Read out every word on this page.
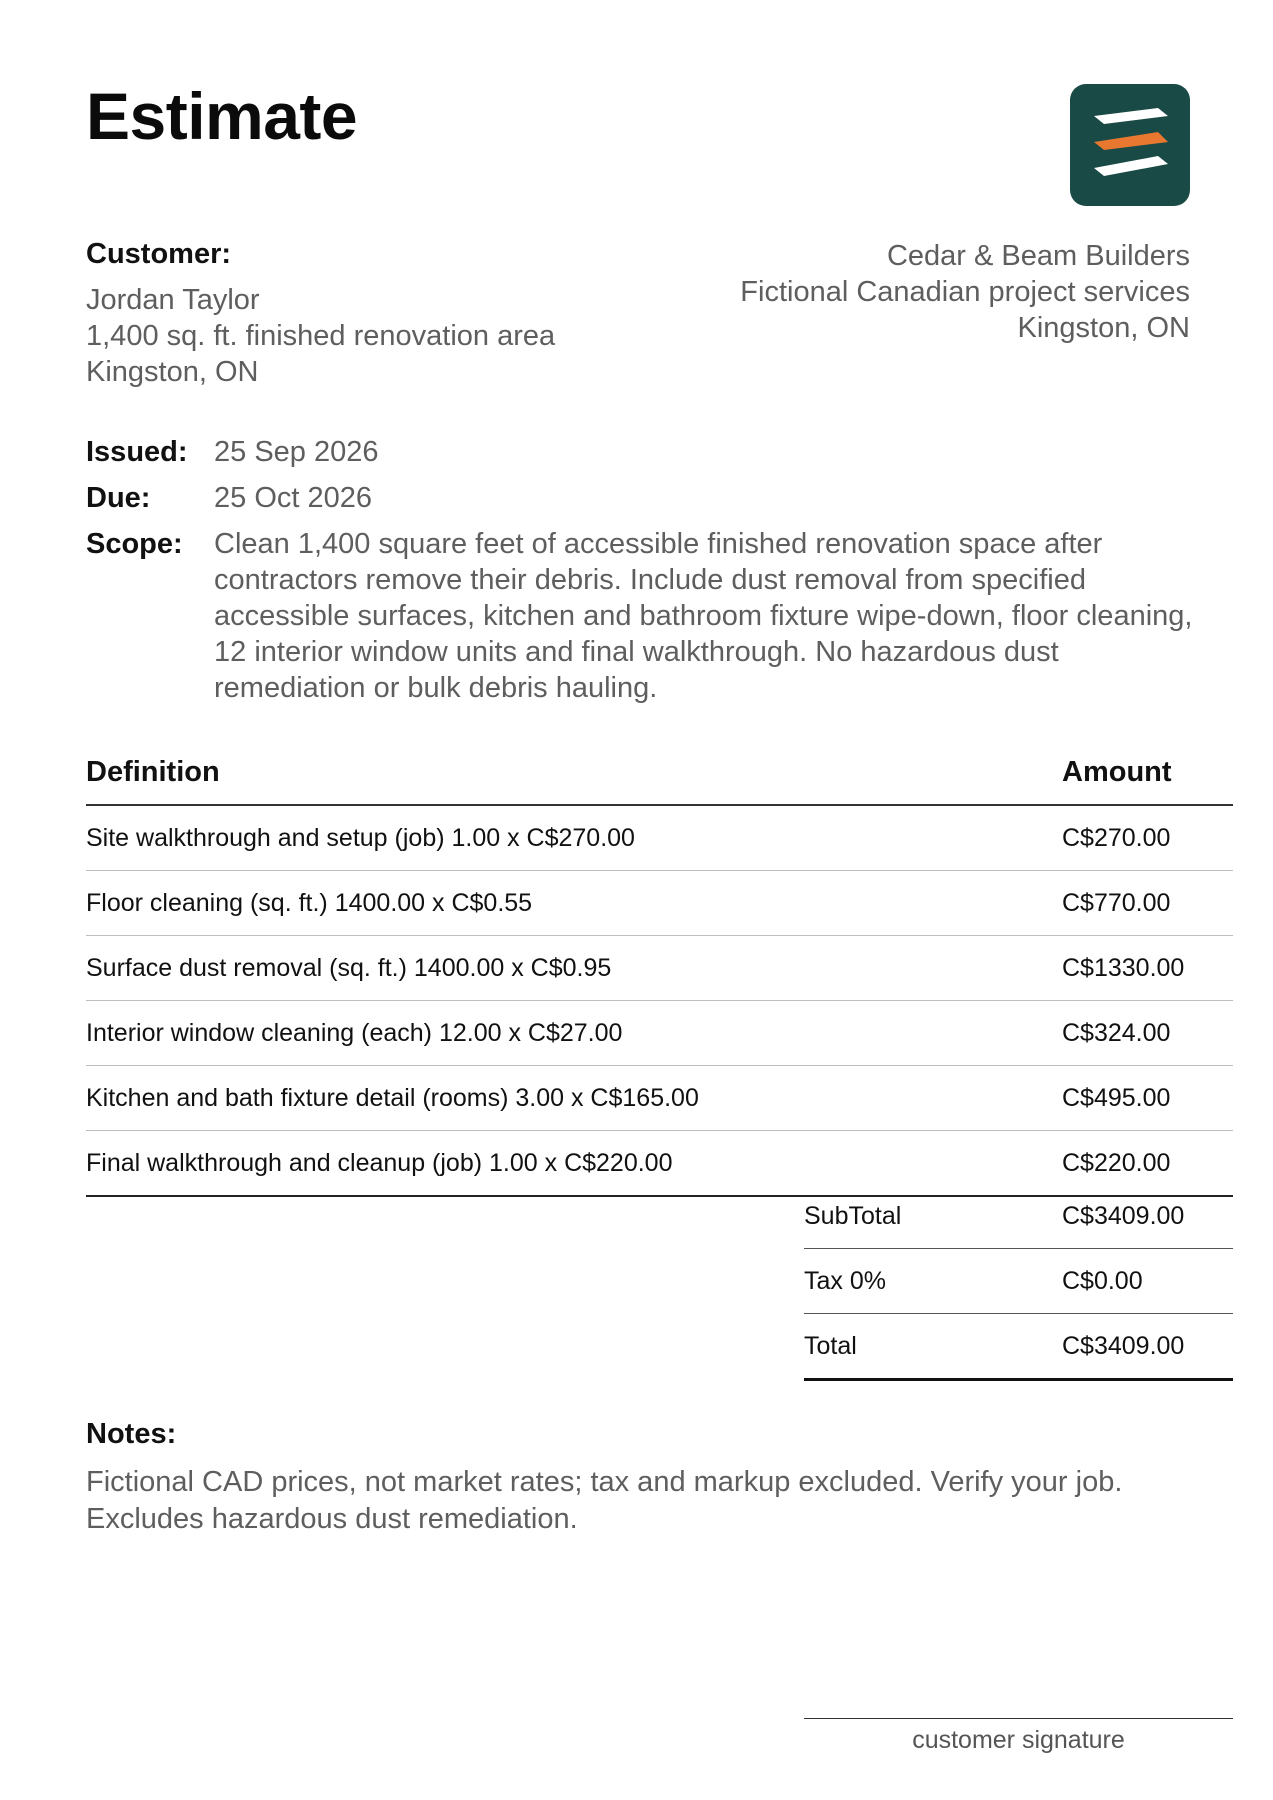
Estimate
Customer:
Jordan Taylor
1,400 sq. ft. finished renovation area
Kingston, ON
Cedar & Beam Builders
Fictional Canadian project services
Kingston, ON
Issued: 25 Sep 2026
Due:	25 Oct 2026
Scope:	Clean 1,400 square feet of accessible finished renovation space after contractors remove their debris. Include dust removal from specified accessible surfaces, kitchen and bathroom fixture wipe-down, floor cleaning, 12 interior window units and final walkthrough. No hazardous dust remediation or bulk debris hauling.
Definition	Amount
Site walkthrough and setup (job) 1.00 x C$270.00	C$270.00
Floor cleaning (sq. ft.) 1400.00 x C$0.55	C$770.00
Surface dust removal (sq. ft.) 1400.00 x C$0.95	C$1330.00
Interior window cleaning (each) 12.00 x C$27.00	C$324.00
Kitchen and bath fixture detail (rooms) 3.00 x C$165.00	C$495.00
Final walkthrough and cleanup (job) 1.00 x C$220.00	C$220.00
SubTotal	C$3409.00
Tax 0%	C$0.00
Total	C$3409.00
Notes:
Fictional CAD prices, not market rates; tax and markup excluded. Verify your job. Excludes hazardous dust remediation.
customer signature
